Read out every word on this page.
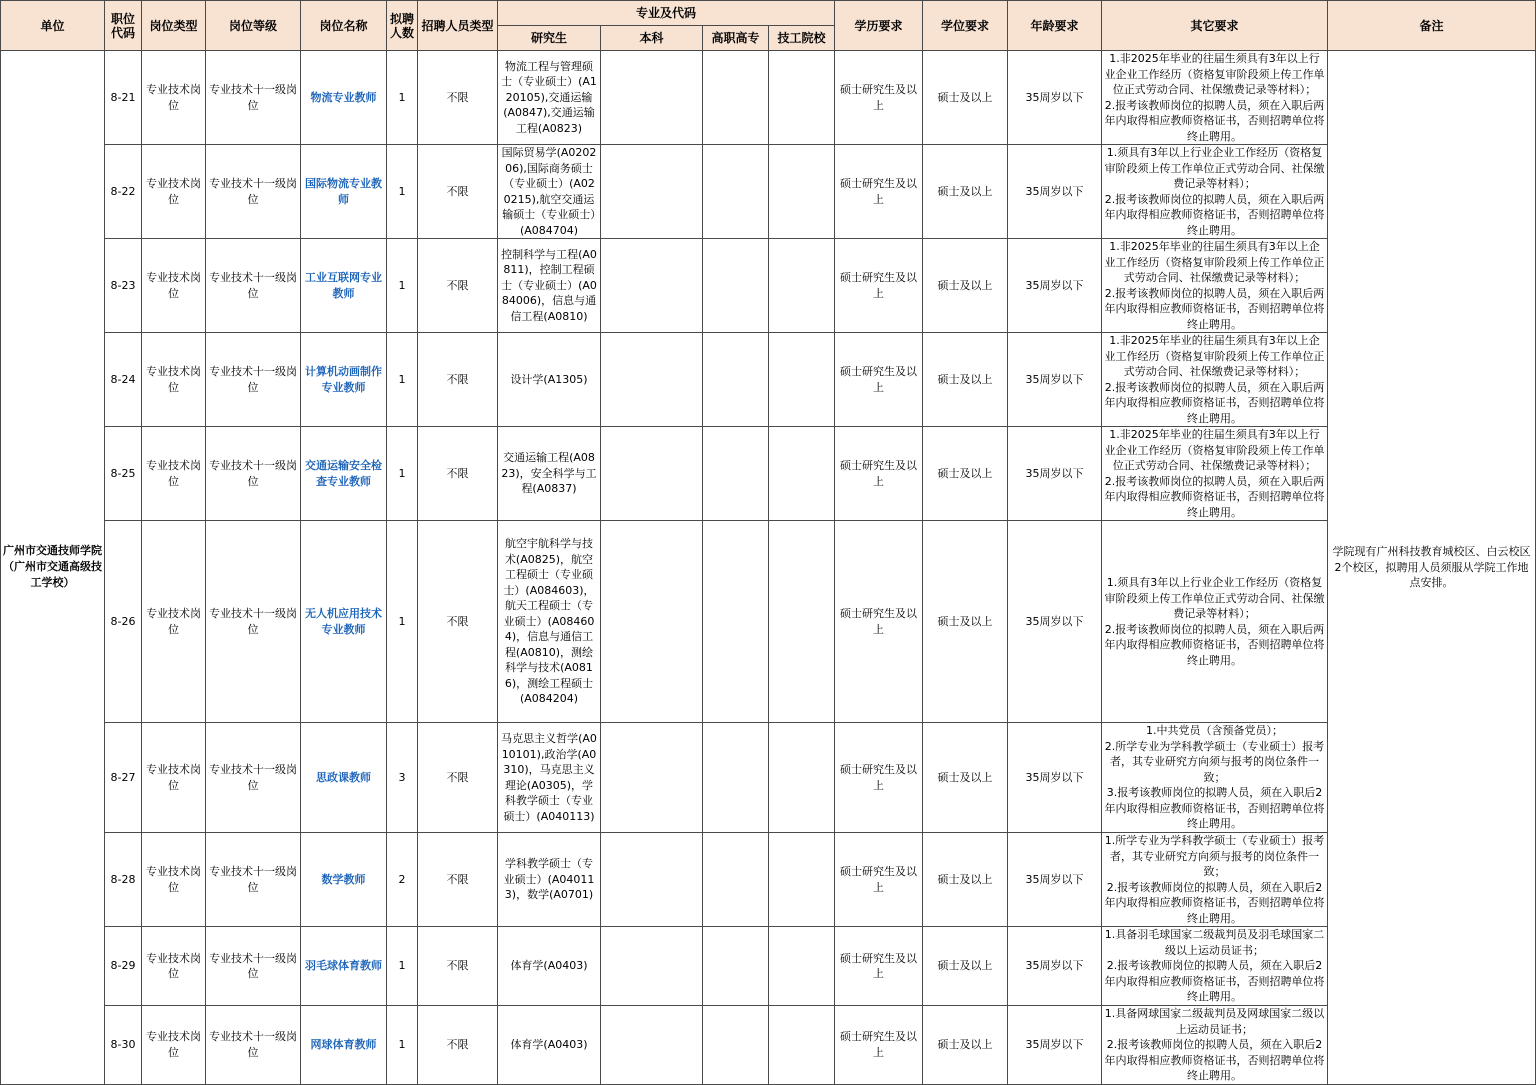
单位	职位代码	岗位类型	岗位等级	岗位名称	拟聘人数	招聘人员类型	专业及代码				学历要求	学位要求	年龄要求	其它要求	备注
							研究生	本科	高职高专	技工院校					
广州市交通技师学院（广州市交通高级技工学校）	8-21	专业技术岗位	专业技术十一级岗位	物流专业教师	1	不限	物流工程与管理硕士（专业硕士）(A120105),交通运输(A0847),交通运输工程(A0823)				硕士研究生及以上	硕士及以上	35周岁以下	1.非2025年毕业的往届生须具有3年以上行业企业工作经历（资格复审阶段须上传工作单位正式劳动合同、社保缴费记录等材料）；
2.报考该教师岗位的拟聘人员，须在入职后两年内取得相应教师资格证书，否则招聘单位将终止聘用。	学院现有广州科技教育城校区、白云校区2个校区，拟聘用人员须服从学院工作地点安排。
	8-22	专业技术岗位	专业技术十一级岗位	国际物流专业教师	1	不限	国际贸易学(A020206),国际商务硕士（专业硕士）(A020215),航空交通运输硕士（专业硕士）(A084704)				硕士研究生及以上	硕士及以上	35周岁以下	1.须具有3年以上行业企业工作经历（资格复审阶段须上传工作单位正式劳动合同、社保缴费记录等材料）；
2.报考该教师岗位的拟聘人员，须在入职后两年内取得相应教师资格证书，否则招聘单位将终止聘用。	
	8-23	专业技术岗位	专业技术十一级岗位	工业互联网专业教师	1	不限	控制科学与工程(A0811)，控制工程硕士（专业硕士）(A084006)，信息与通信工程(A0810)				硕士研究生及以上	硕士及以上	35周岁以下	1.非2025年毕业的往届生须具有3年以上企业工作经历（资格复审阶段须上传工作单位正式劳动合同、社保缴费记录等材料）；
2.报考该教师岗位的拟聘人员，须在入职后两年内取得相应教师资格证书，否则招聘单位将终止聘用。	
	8-24	专业技术岗位	专业技术十一级岗位	计算机动画制作专业教师	1	不限	设计学(A1305)				硕士研究生及以上	硕士及以上	35周岁以下	1.非2025年毕业的往届生须具有3年以上企业工作经历（资格复审阶段须上传工作单位正式劳动合同、社保缴费记录等材料）；
2.报考该教师岗位的拟聘人员，须在入职后两年内取得相应教师资格证书，否则招聘单位将终止聘用。	
	8-25	专业技术岗位	专业技术十一级岗位	交通运输安全检查专业教师	1	不限	交通运输工程(A0823)，安全科学与工程(A0837)				硕士研究生及以上	硕士及以上	35周岁以下	1.非2025年毕业的往届生须具有3年以上行业企业工作经历（资格复审阶段须上传工作单位正式劳动合同、社保缴费记录等材料）；
2.报考该教师岗位的拟聘人员，须在入职后两年内取得相应教师资格证书，否则招聘单位将终止聘用。	
	8-26	专业技术岗位	专业技术十一级岗位	无人机应用技术专业教师	1	不限	航空宇航科学与技术(A0825)，航空工程硕士（专业硕士）(A084603)，航天工程硕士（专业硕士）(A084604)，信息与通信工程(A0810)，测绘科学与技术(A0816)，测绘工程硕士(A084204)				硕士研究生及以上	硕士及以上	35周岁以下	1.须具有3年以上行业企业工作经历（资格复审阶段须上传工作单位正式劳动合同、社保缴费记录等材料）；
2.报考该教师岗位的拟聘人员，须在入职后两年内取得相应教师资格证书，否则招聘单位将终止聘用。	
	8-27	专业技术岗位	专业技术十一级岗位	思政课教师	3	不限	马克思主义哲学(A010101),政治学(A0310)，马克思主义理论(A0305)，学科教学硕士（专业硕士）(A040113)				硕士研究生及以上	硕士及以上	35周岁以下	1.中共党员（含预备党员）；
2.所学专业为学科教学硕士（专业硕士）报考者，其专业研究方向须与报考的岗位条件一致；
3.报考该教师岗位的拟聘人员，须在入职后2年内取得相应教师资格证书，否则招聘单位将终止聘用。	
	8-28	专业技术岗位	专业技术十一级岗位	数学教师	2	不限	学科教学硕士（专业硕士）(A040113)，数学(A0701)				硕士研究生及以上	硕士及以上	35周岁以下	1.所学专业为学科教学硕士（专业硕士）报考者，其专业研究方向须与报考的岗位条件一致；
2.报考该教师岗位的拟聘人员，须在入职后2年内取得相应教师资格证书，否则招聘单位将终止聘用。	
	8-29	专业技术岗位	专业技术十一级岗位	羽毛球体育教师	1	不限	体育学(A0403)				硕士研究生及以上	硕士及以上	35周岁以下	1.具备羽毛球国家二级裁判员及羽毛球国家二级以上运动员证书；
2.报考该教师岗位的拟聘人员，须在入职后2年内取得相应教师资格证书，否则招聘单位将终止聘用。	
	8-30	专业技术岗位	专业技术十一级岗位	网球体育教师	1	不限	体育学(A0403)				硕士研究生及以上	硕士及以上	35周岁以下	1.具备网球国家二级裁判员及网球国家二级以上运动员证书；
2.报考该教师岗位的拟聘人员，须在入职后2年内取得相应教师资格证书，否则招聘单位将终止聘用。	
